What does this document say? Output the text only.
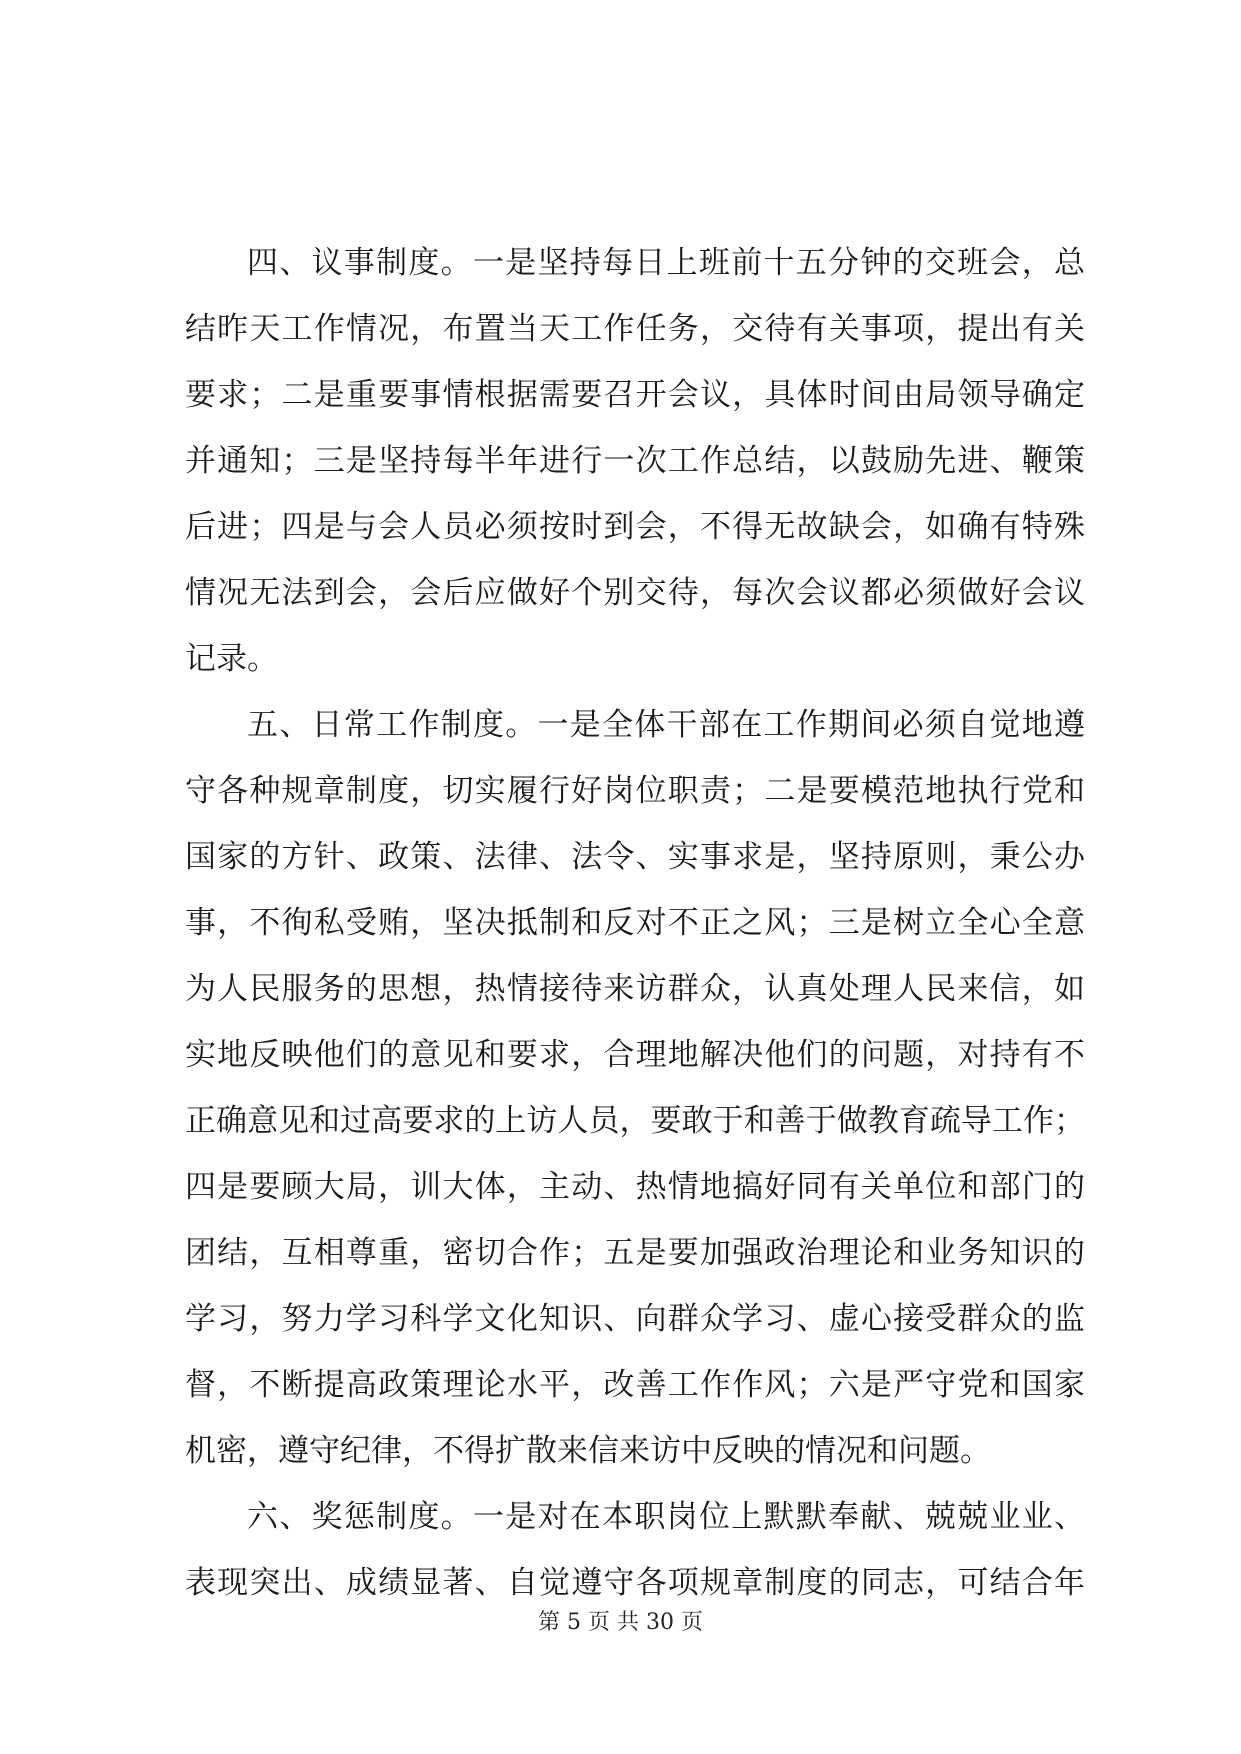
四、议事制度。一是坚持每日上班前十五分钟的交班会，总
结昨天工作情况，布置当天工作任务，交待有关事项，提出有关
要求；二是重要事情根据需要召开会议，具体时间由局领导确定
并通知；三是坚持每半年进行一次工作总结，以鼓励先进、鞭策
后进；四是与会人员必须按时到会，不得无故缺会，如确有特殊
情况无法到会，会后应做好个别交待，每次会议都必须做好会议
记录。
五、日常工作制度。一是全体干部在工作期间必须自觉地遵
守各种规章制度，切实履行好岗位职责；二是要模范地执行党和
国家的方针、政策、法律、法令、实事求是，坚持原则，秉公办
事，不徇私受贿，坚决抵制和反对不正之风；三是树立全心全意
为人民服务的思想，热情接待来访群众，认真处理人民来信，如
实地反映他们的意见和要求，合理地解决他们的问题，对持有不
正确意见和过高要求的上访人员，要敢于和善于做教育疏导工作；
四是要顾大局，训大体，主动、热情地搞好同有关单位和部门的
团结，互相尊重，密切合作；五是要加强政治理论和业务知识的
学习，努力学习科学文化知识、向群众学习、虚心接受群众的监
督，不断提高政策理论水平，改善工作作风；六是严守党和国家
机密，遵守纪律，不得扩散来信来访中反映的情况和问题。
六、奖惩制度。一是对在本职岗位上默默奉献、兢兢业业、
表现突出、成绩显著、自觉遵守各项规章制度的同志，可结合年
第 5 页 共 30 页
